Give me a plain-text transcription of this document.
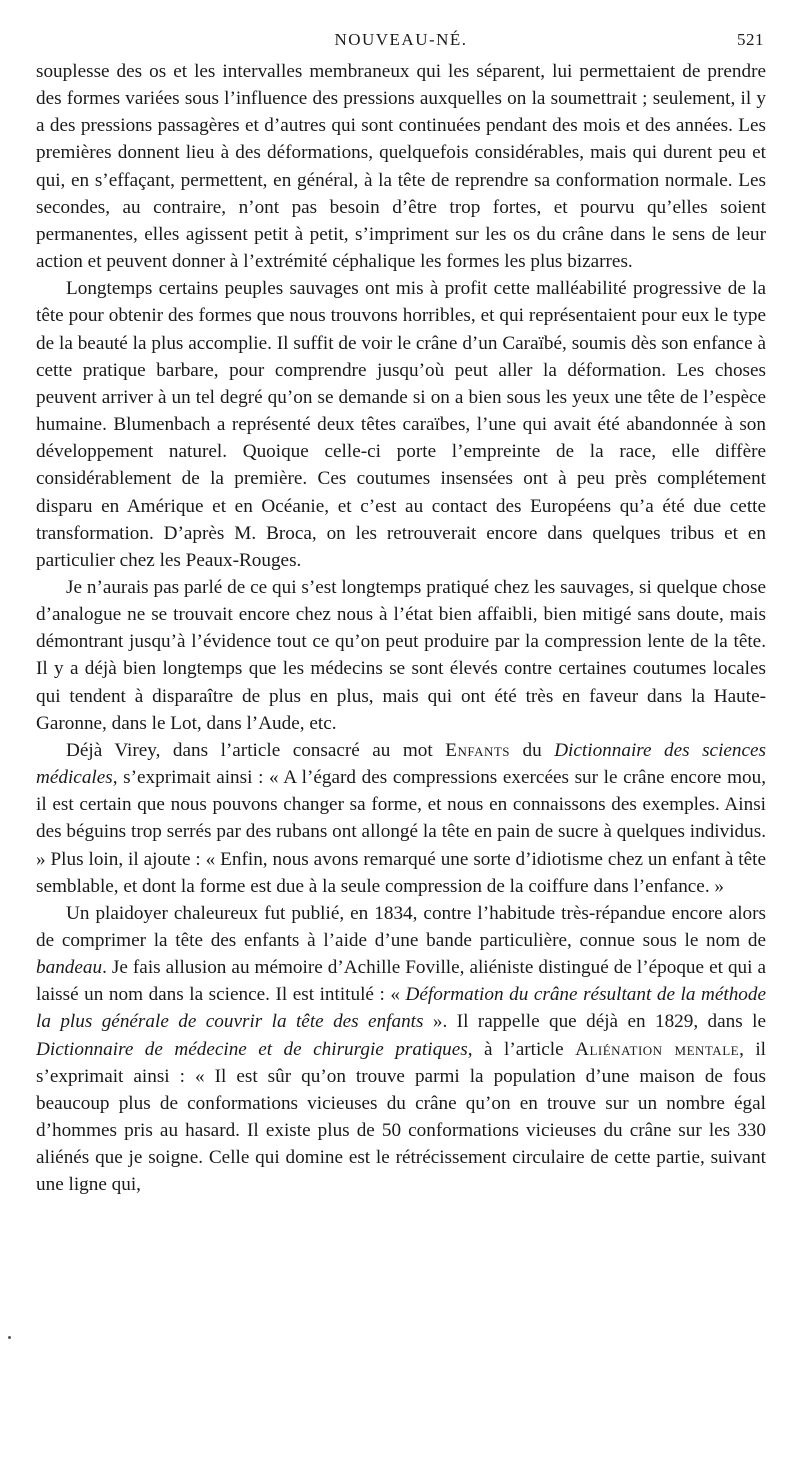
NOUVEAU-NÉ.	521

souplesse des os et les intervalles membraneux qui les séparent, lui permettaient de prendre des formes variées sous l’influence des pressions auxquelles on la soumettrait ; seulement, il y a des pressions passagères et d’autres qui sont continuées pendant des mois et des années. Les premières donnent lieu à des déformations, quelquefois considérables, mais qui durent peu et qui, en s’effaçant, permettent, en général, à la tête de reprendre sa conformation normale. Les secondes, au contraire, n’ont pas besoin d’être trop fortes, et pourvu qu’elles soient permanentes, elles agissent petit à petit, s’impriment sur les os du crâne dans le sens de leur action et peuvent donner à l’extrémité céphalique les formes les plus bizarres.

Longtemps certains peuples sauvages ont mis à profit cette malléabilité progressive de la tête pour obtenir des formes que nous trouvons horribles, et qui représentaient pour eux le type de la beauté la plus accomplie. Il suffit de voir le crâne d’un Caraïbé, soumis dès son enfance à cette pratique barbare, pour comprendre jusqu’où peut aller la déformation. Les choses peuvent arriver à un tel degré qu’on se demande si on a bien sous les yeux une tête de l’espèce humaine. Blumenbach a représenté deux têtes caraïbes, l’une qui avait été abandonnée à son développement naturel. Quoique celle-ci porte l’empreinte de la race, elle diffère considérablement de la première. Ces coutumes insensées ont à peu près complétement disparu en Amérique et en Océanie, et c’est au contact des Européens qu’a été due cette transformation. D’après M. Broca, on les retrouverait encore dans quelques tribus et en particulier chez les Peaux-Rouges.

Je n’aurais pas parlé de ce qui s’est longtemps pratiqué chez les sauvages, si quelque chose d’analogue ne se trouvait encore chez nous à l’état bien affaibli, bien mitigé sans doute, mais démontrant jusqu’à l’évidence tout ce qu’on peut produire par la compression lente de la tête. Il y a déjà bien longtemps que les médecins se sont élevés contre certaines coutumes locales qui tendent à disparaître de plus en plus, mais qui ont été très en faveur dans la Haute-Garonne, dans le Lot, dans l’Aude, etc.

Déjà Virey, dans l’article consacré au mot Enfants du Dictionnaire des sciences médicales, s’exprimait ainsi : « A l’égard des compressions exercées sur le crâne encore mou, il est certain que nous pouvons changer sa forme, et nous en connaissons des exemples. Ainsi des béguins trop serrés par des rubans ont allongé la tête en pain de sucre à quelques individus. » Plus loin, il ajoute : « Enfin, nous avons remarqué une sorte d’idiotisme chez un enfant à tête semblable, et dont la forme est due à la seule compression de la coiffure dans l’enfance. »

Un plaidoyer chaleureux fut publié, en 1834, contre l’habitude très-répandue encore alors de comprimer la tête des enfants à l’aide d’une bande particulière, connue sous le nom de bandeau. Je fais allusion au mémoire d’Achille Foville, aliéniste distingué de l’époque et qui a laissé un nom dans la science. Il est intitulé : « Déformation du crâne résultant de la méthode la plus générale de couvrir la tête des enfants ». Il rappelle que déjà en 1829, dans le Dictionnaire de médecine et de chirurgie pratiques, à l’article Aliénation mentale, il s’exprimait ainsi : « Il est sûr qu’on trouve parmi la population d’une maison de fous beaucoup plus de conformations vicieuses du crâne qu’on en trouve sur un nombre égal d’hommes pris au hasard. Il existe plus de 50 conformations vicieuses du crâne sur les 330 aliénés que je soigne. Celle qui domine est le rétrécissement circulaire de cette partie, suivant une ligne qui,
